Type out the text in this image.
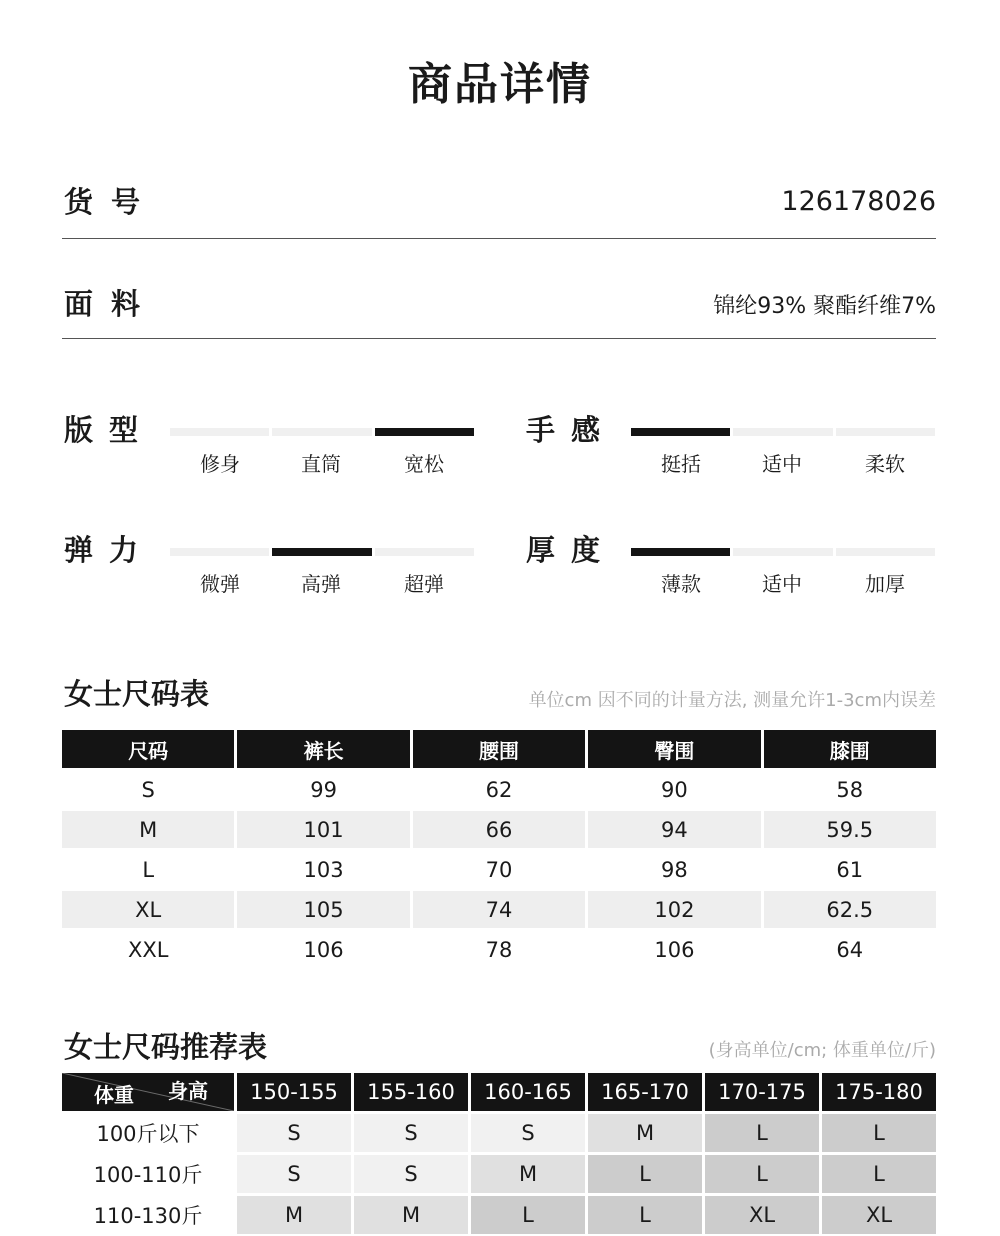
商品详情
货号	126178026
面料	锦纶93% 聚酯纤维7%
版型
修身	直筒	宽松
手感
挺括	适中	柔软
弹力
微弹	高弹	超弹
厚度
薄款	适中	加厚
女士尺码表	单位cm 因不同的计量方法, 测量允许1-3cm内误差
尺码	裤长	腰围	臀围	膝围
S	99	62	90	58
M	101	66	94	59.5
L	103	70	98	61
XL	105	74	102	62.5
XXL	106	78	106	64
女士尺码推荐表	(身高单位/cm; 体重单位/斤)
体重 身高	150-155	155-160	160-165	165-170	170-175	175-180
100斤以下	S	S	S	M	L	L
100-110斤	S	S	M	L	L	L
110-130斤	M	M	L	L	XL	XL
